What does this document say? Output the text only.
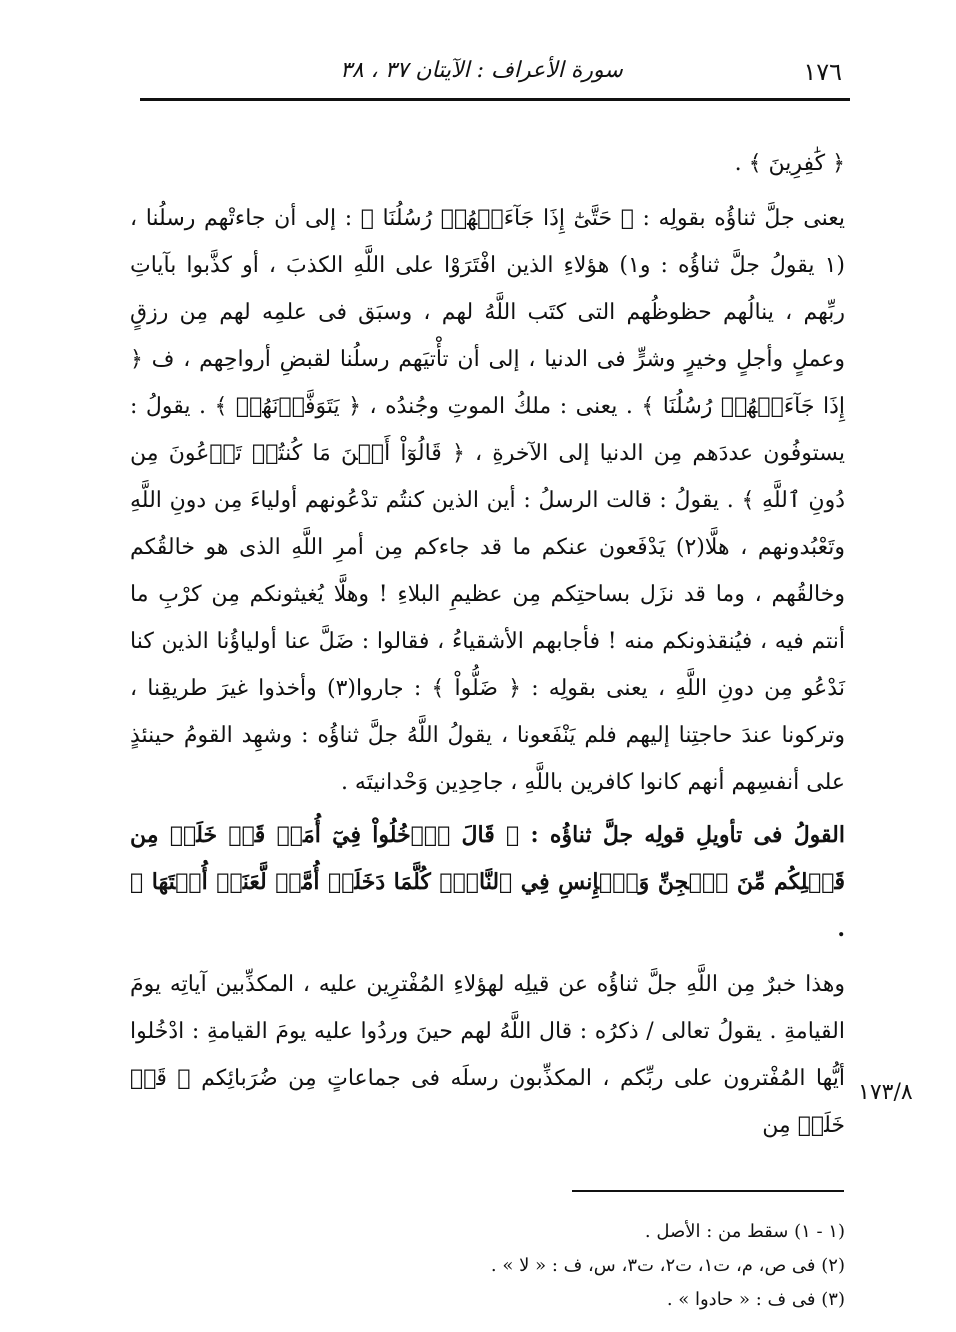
١٧٦
سورة الأعراف : الآيتان ٣٧ ، ٣٨

﴿ كَٰفِرِينَ ﴾ .

يعنى جلَّ ثناؤُه بقولِه : ﴿ حَتَّىٰٓ إِذَا جَآءَتۡهُمۡ رُسُلُنَا ﴾ : إلى أن جاءتْهم رسلُنا ، (١ يقولُ جلَّ ثناؤُه : و١) هؤلاءِ الذين افْتَرَوْا على اللَّهِ الكذبَ ، أو كذَّبوا بآياتِ ربِّهم ، ينالُهم حظوظُهم التى كتَب اللَّهُ لهم ، وسبَق فى علمِه لهم مِن رزقٍ وعملٍ وأجلٍ وخيرٍ وشرٍّ فى الدنيا ، إلى أن تأْتيَهم رسلُنا لقبضِ أرواحِهم ، ف ﴿ إِذَا جَآءَتۡهُمۡ رُسُلُنَا ﴾ . يعنى : ملكُ الموتِ وجُندُه ، ﴿ يَتَوَفَّوۡنَهُمۡ ﴾ . يقولُ : يستوفُون عددَهم مِن الدنيا إلى الآخرةِ ، ﴿ قَالُوٓاْ أَيۡنَ مَا كُنتُمۡ تَدۡعُونَ مِن دُونِ ٱللَّهِ ﴾ . يقولُ : قالت الرسلُ : أين الذين كنتُم تدْعُونهم أولياءَ مِن دونِ اللَّهِ وتَعْبُدونهم ، هلَّا(٢) يَدْفَعون عنكم ما قد جاءكم مِن أمرِ اللَّهِ الذى هو خالقُكم وخالقُهم ، وما قد نزَل بساحتِكم مِن عظيمِ البلاءِ ! وهلَّا يُغيثونكم مِن كرْبِ ما أنتم فيه ، فيُنقذونكم منه ! فأجابهم الأشقياءُ ، فقالوا : ضَلَّ عنا أولياؤُنا الذين كنا نَدْعُو مِن دونِ اللَّهِ ، يعنى بقولِه : ﴿ ضَلُّواْ ﴾ : جاروا(٣) وأخذوا غيرَ طريقِنا ، وتركونا عندَ حاجتِنا إليهم فلم يَنْفَعونا ، يقولُ اللَّهُ جلَّ ثناؤُه : وشهِد القومُ حينئذٍ على أنفسِهم أنهم كانوا كافرين باللَّهِ ، جاحِدِين وَحْدانيتَه .

القولُ فى تأويلِ قولِه جلَّ ثناؤُه : ﴿ قَالَ ٱدۡخُلُواْ فِيٓ أُمَمٖ قَدۡ خَلَتۡ مِن قَبۡلِكُم مِّنَ ٱلۡجِنِّ وَٱلۡإِنسِ فِي ٱلنَّارِۖ كُلَّمَا دَخَلَتۡ أُمَّةٞ لَّعَنَتۡ أُخۡتَهَا ﴾ .

وهذا خبرٌ مِن اللَّهِ جلَّ ثناؤُه عن قيلِه لهؤلاءِ المُفْترِين عليه ، المكذِّبين آياتِه يومَ القيامةِ . يقولُ تعالى / ذكرُه : قال اللَّهُ لهم حينَ وردُوا عليه يومَ القيامةِ : ادْخُلوا أيُّها المُفْترون على ربِّكم ، المكذِّبون رسلَه فى جماعاتٍ مِن ضُرَبائِكم ﴿ قَدۡ خَلَتۡ مِن

١٧٣/٨

(١ - ١) سقط من : الأصل .

(٢) فى ص، م، ت١، ت٢، ت٣، س، ف : « لا » .

(٣) فى ف : « حادوا » .
